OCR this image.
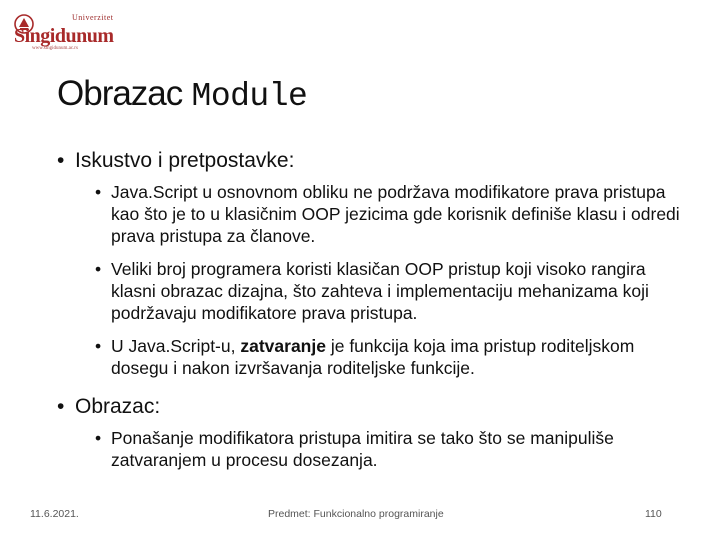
Univerzitet
Singidunum
www.singidunum.ac.rs
Obrazac Module
• Iskustvo i pretpostavke:
• Java.Script u osnovnom obliku ne podržava modifikatore prava pristupa kao što je to u klasičnim OOP jezicima gde korisnik definiše klasu i odredi prava pristupa za članove.
• Veliki broj programera koristi klasičan OOP pristup koji visoko rangira klasni obrazac dizajna, što zahteva i implementaciju mehanizama koji podržavaju modifikatore prava pristupa.
• U Java.Script-u, zatvaranje je funkcija koja ima pristup roditeljskom dosegu i nakon izvršavanja roditeljske funkcije.
• Obrazac:
• Ponašanje modifikatora pristupa imitira se tako što se manipuliše zatvaranjem u procesu dosezanja.
11.6.2021.	Predmet: Funkcionalno programiranje	110
